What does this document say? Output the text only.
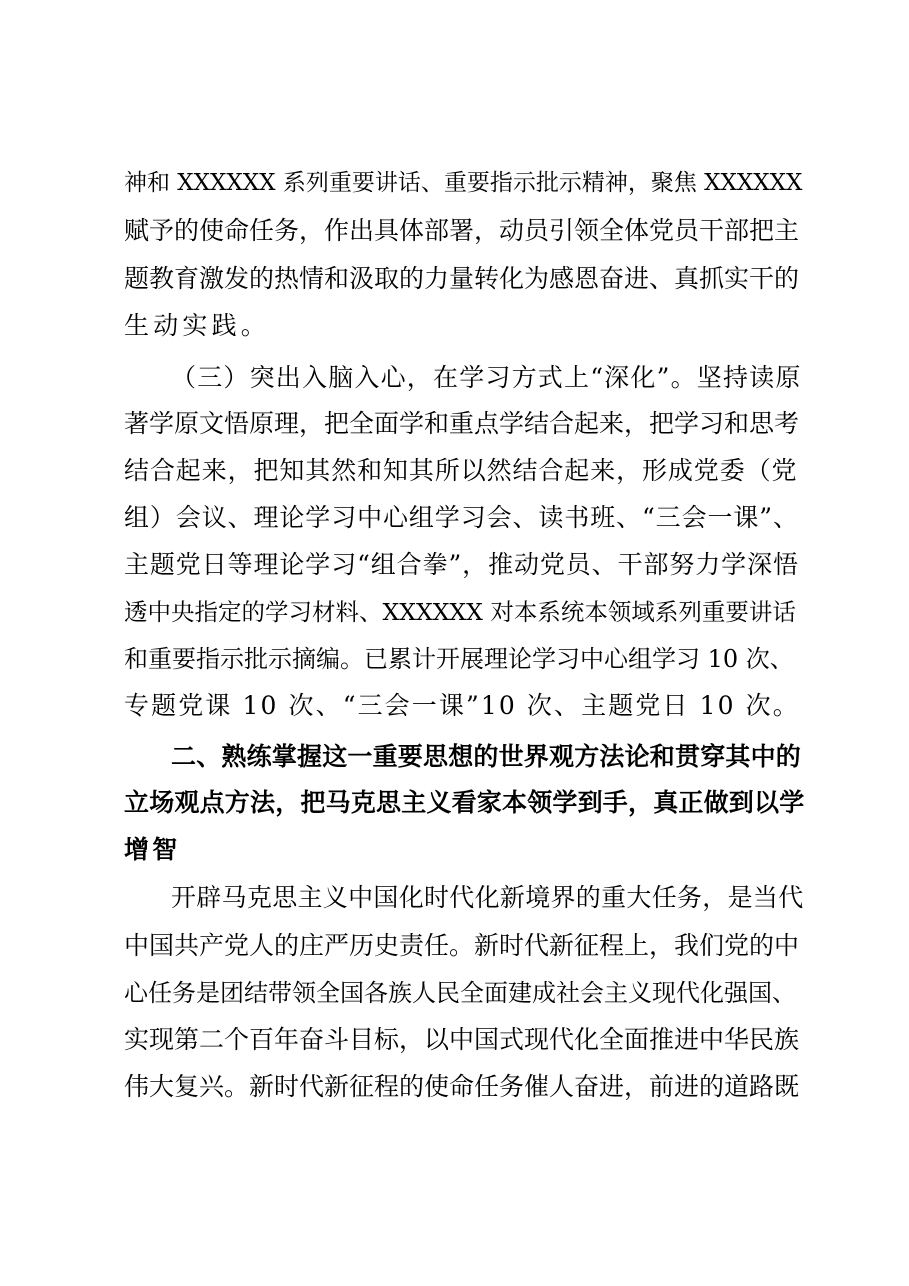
神和 XXXXXX 系列重要讲话、重要指示批示精神，聚焦 XXXXXX
赋予的使命任务，作出具体部署，动员引领全体党员干部把主
题教育激发的热情和汲取的力量转化为感恩奋进、真抓实干的
生动实践。
（三）突出入脑入心，在学习方式上“深化”。坚持读原
著学原文悟原理，把全面学和重点学结合起来，把学习和思考
结合起来，把知其然和知其所以然结合起来，形成党委（党
组）会议、理论学习中心组学习会、读书班、“三会一课”、
主题党日等理论学习“组合拳”，推动党员、干部努力学深悟
透中央指定的学习材料、XXXXXX 对本系统本领域系列重要讲话
和重要指示批示摘编。已累计开展理论学习中心组学习 10 次、
专题党课 10 次、“三会一课”10 次、主题党日 10 次。
二、熟练掌握这一重要思想的世界观方法论和贯穿其中的
立场观点方法，把马克思主义看家本领学到手，真正做到以学
增智
开辟马克思主义中国化时代化新境界的重大任务，是当代
中国共产党人的庄严历史责任。新时代新征程上，我们党的中
心任务是团结带领全国各族人民全面建成社会主义现代化强国、
实现第二个百年奋斗目标，以中国式现代化全面推进中华民族
伟大复兴。新时代新征程的使命任务催人奋进，前进的道路既
